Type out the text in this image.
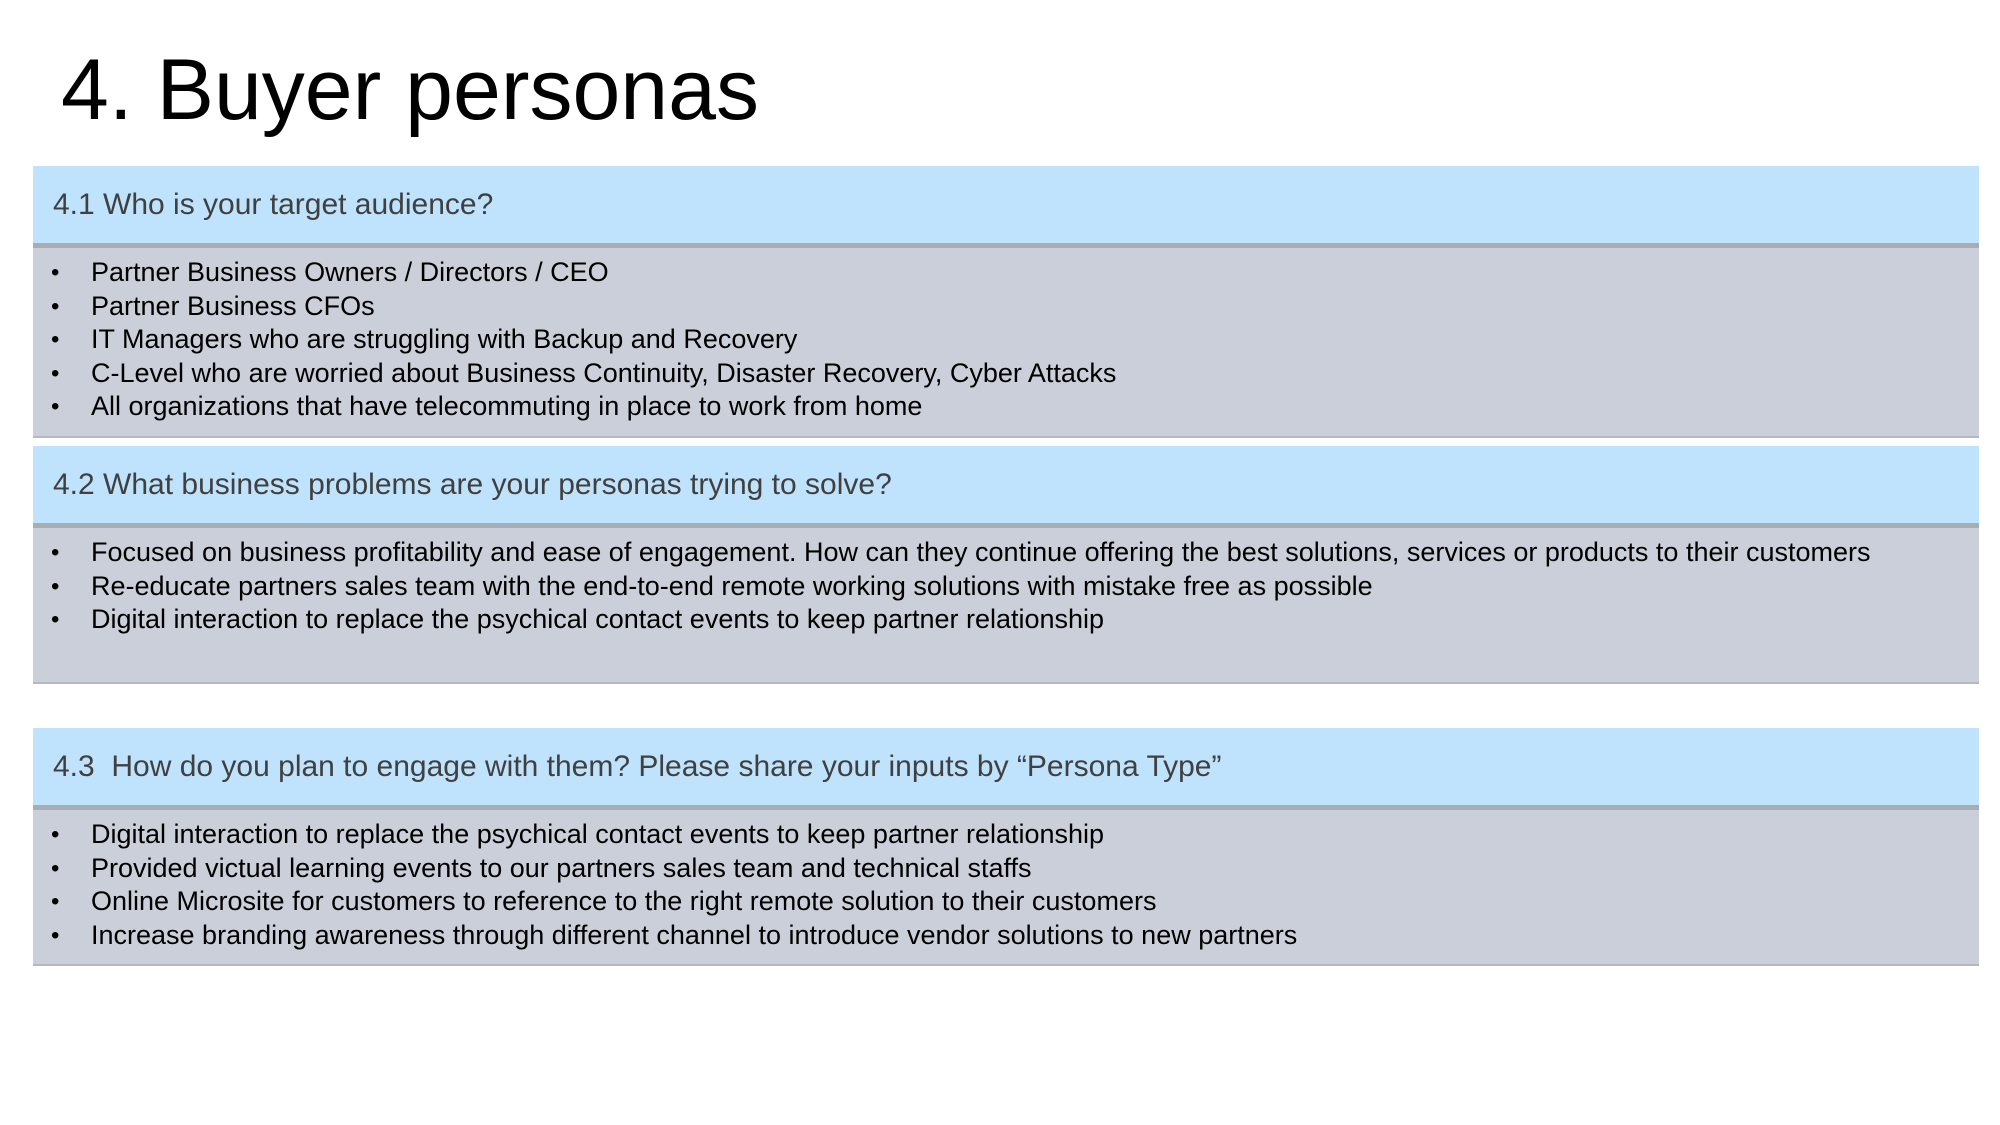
4. Buyer personas
4.1 Who is your target audience?
• Partner Business Owners / Directors / CEO
• Partner Business CFOs
• IT Managers who are struggling with Backup and Recovery
• C-Level who are worried about Business Continuity, Disaster Recovery, Cyber Attacks
• All organizations that have telecommuting in place to work from home
4.2 What business problems are your personas trying to solve?
• Focused on business profitability and ease of engagement. How can they continue offering the best solutions, services or products to their customers
• Re-educate partners sales team with the end-to-end remote working solutions with mistake free as possible
• Digital interaction to replace the psychical contact events to keep partner relationship
4.3  How do you plan to engage with them? Please share your inputs by “Persona Type”
• Digital interaction to replace the psychical contact events to keep partner relationship
• Provided victual learning events to our partners sales team and technical staffs
• Online Microsite for customers to reference to the right remote solution to their customers
• Increase branding awareness through different channel to introduce vendor solutions to new partners
